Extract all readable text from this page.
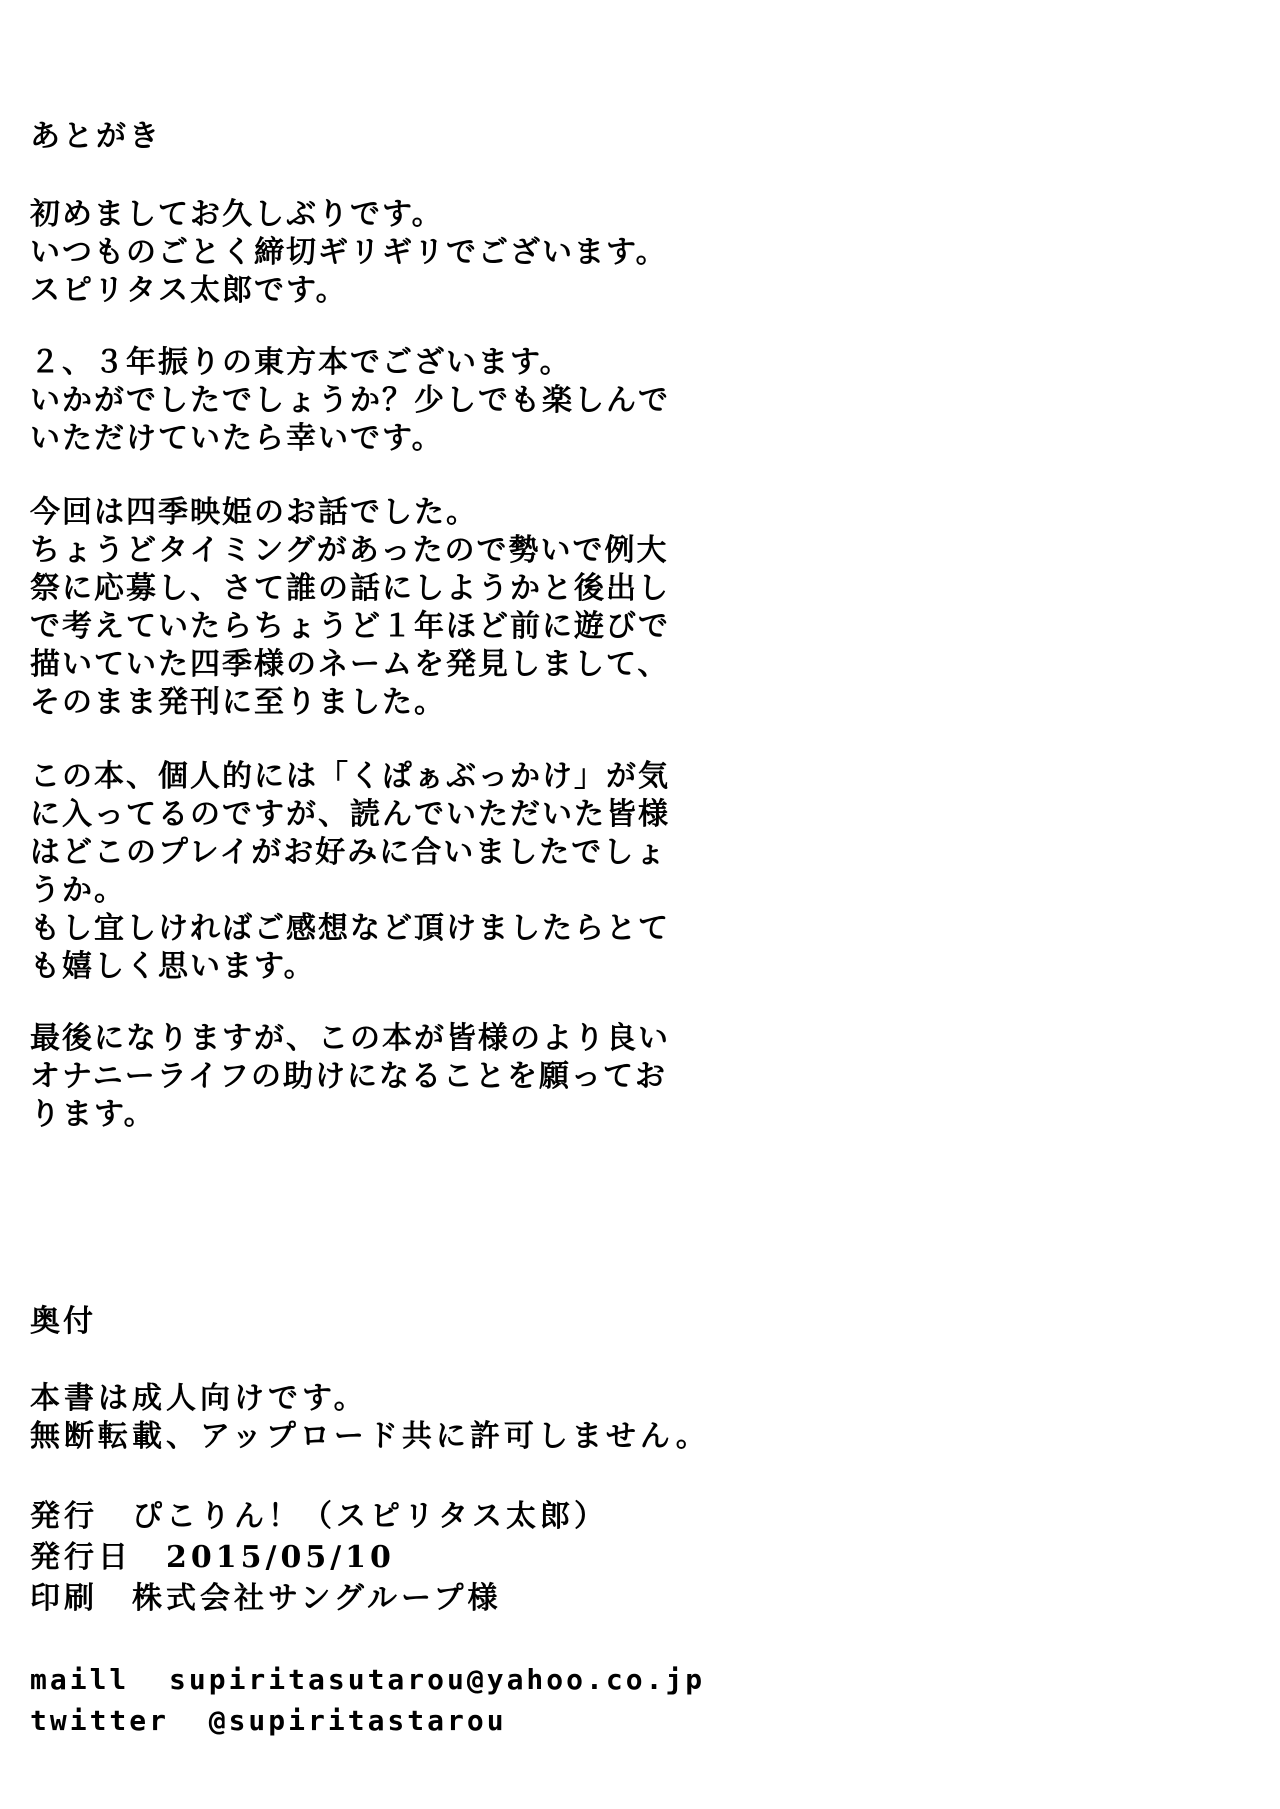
あとがき
初めましてお久しぶりです。
いつものごとく締切ギリギリでございます。
スピリタス太郎です。
２、３年振りの東方本でございます。
いかがでしたでしょうか？少しでも楽しんで
いただけていたら幸いです。
今回は四季映姫のお話でした。
ちょうどタイミングがあったので勢いで例大
祭に応募し、さて誰の話にしようかと後出し
で考えていたらちょうど１年ほど前に遊びで
描いていた四季様のネームを発見しまして、
そのまま発刊に至りました。
この本、個人的には「くぱぁぶっかけ」が気
に入ってるのですが、読んでいただいた皆様
はどこのプレイがお好みに合いましたでしょ
うか。
もし宜しければご感想など頂けましたらとて
も嬉しく思います。
最後になりますが、この本が皆様のより良い
オナニーライフの助けになることを願ってお
ります。
奥付
本書は成人向けです。
無断転載、アップロード共に許可しません。
発行　ぴこりん！（スピリタス太郎）
発行日　2015/05/10
印刷　株式会社サングループ様
maill  supiritasutarou@yahoo.co.jp
twitter  @supiritastarou
